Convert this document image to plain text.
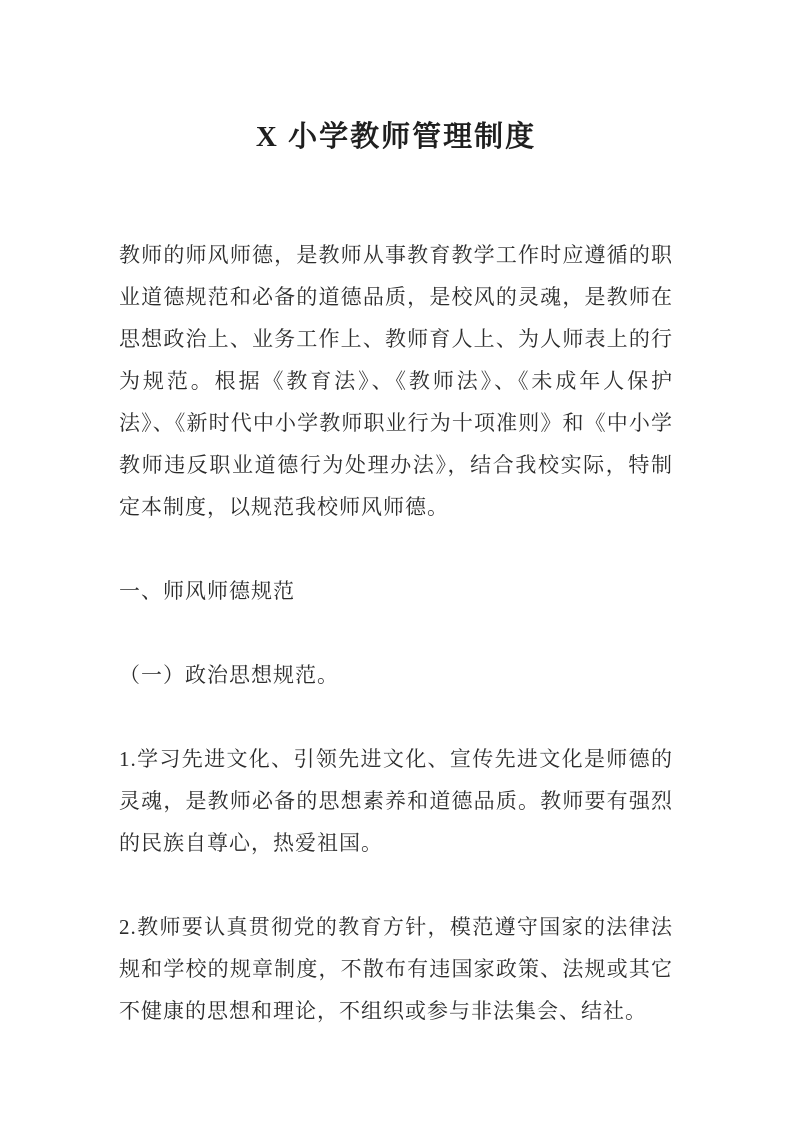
X 小学教师管理制度

教师的师风师德，是教师从事教育教学工作时应遵循的职业道德规范和必备的道德品质，是校风的灵魂，是教师在思想政治上、业务工作上、教师育人上、为人师表上的行为规范。根据《教育法》、《教师法》、《未成年人保护法》、《新时代中小学教师职业行为十项准则》和《中小学教师违反职业道德行为处理办法》，结合我校实际，特制定本制度，以规范我校师风师德。

一、师风师德规范

（一）政治思想规范。

1.学习先进文化、引领先进文化、宣传先进文化是师德的灵魂，是教师必备的思想素养和道德品质。教师要有强烈的民族自尊心，热爱祖国。

2.教师要认真贯彻党的教育方针，模范遵守国家的法律法规和学校的规章制度，不散布有违国家政策、法规或其它不健康的思想和理论，不组织或参与非法集会、结社。
